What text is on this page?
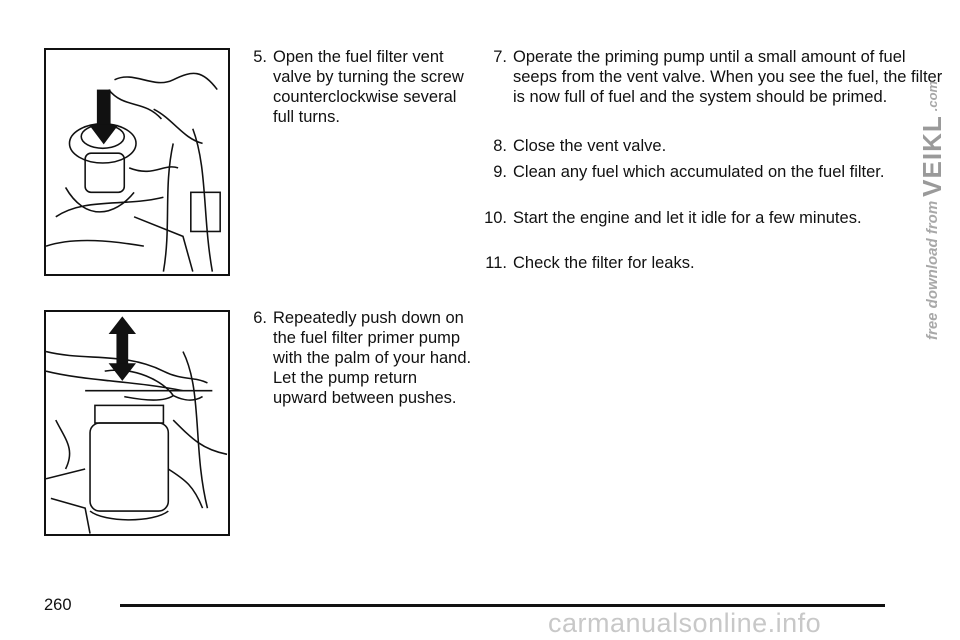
5. Open the fuel filter vent valve by turning the screw counterclockwise several full turns.
6. Repeatedly push down on the fuel filter primer pump with the palm of your hand. Let the pump return upward between pushes.
7. Operate the priming pump until a small amount of fuel seeps from the vent valve. When you see the fuel, the filter is now full of fuel and the system should be primed.
8. Close the vent valve.
9. Clean any fuel which accumulated on the fuel filter.
10. Start the engine and let it idle for a few minutes.
11. Check the filter for leaks.
260
carmanualsonline.info
free download from
VEIKL
.com
